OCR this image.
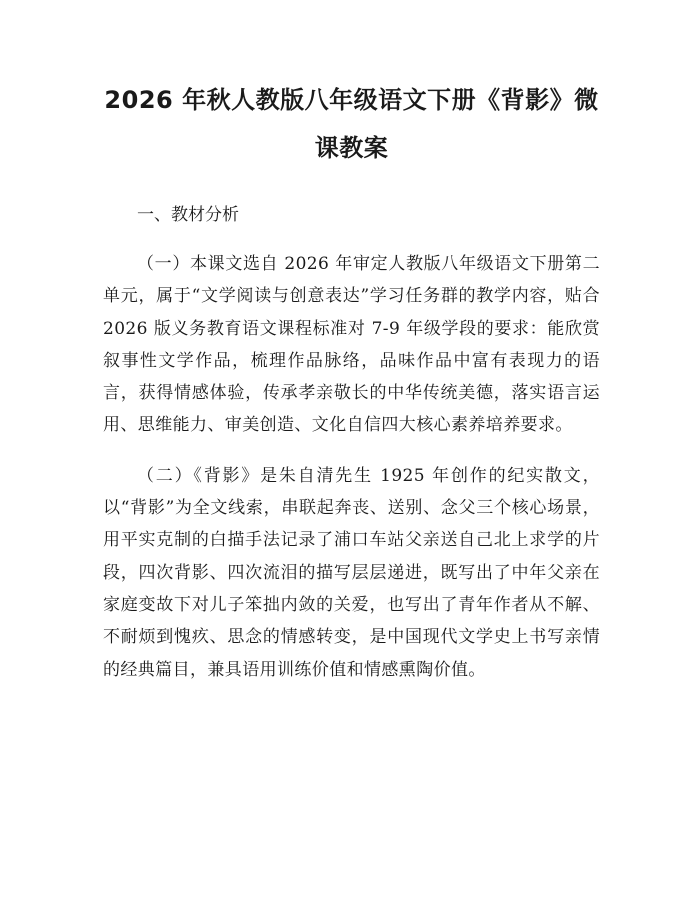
2026 年秋人教版八年级语文下册《背影》微
课教案

一、教材分析

（一）本课文选自 2026 年审定人教版八年级语文下册第二单元，属于“文学阅读与创意表达”学习任务群的教学内容，贴合 2026 版义务教育语文课程标准对 7-9 年级学段的要求：能欣赏叙事性文学作品，梳理作品脉络，品味作品中富有表现力的语言，获得情感体验，传承孝亲敬长的中华传统美德，落实语言运用、思维能力、审美创造、文化自信四大核心素养培养要求。

（二）《背影》是朱自清先生 1925 年创作的纪实散文，以“背影”为全文线索，串联起奔丧、送别、念父三个核心场景，用平实克制的白描手法记录了浦口车站父亲送自己北上求学的片段，四次背影、四次流泪的描写层层递进，既写出了中年父亲在家庭变故下对儿子笨拙内敛的关爱，也写出了青年作者从不解、不耐烦到愧疚、思念的情感转变，是中国现代文学史上书写亲情的经典篇目，兼具语用训练价值和情感熏陶价值。
